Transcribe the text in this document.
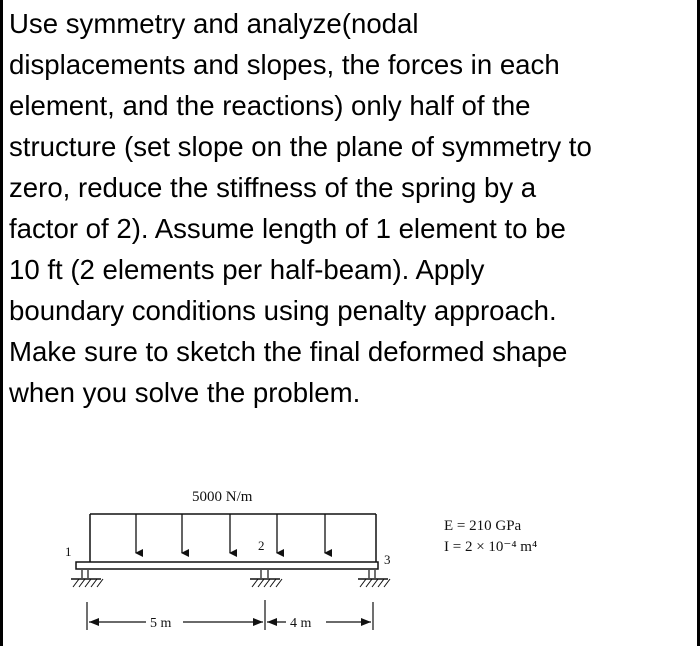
Use symmetry and analyze(nodal
displacements and slopes, the forces in each
element, and the reactions) only half of the
structure (set slope on the plane of symmetry to
zero, reduce the stiffness of the spring by a
factor of 2). Assume length of 1 element to be
10 ft (2 elements per half-beam). Apply
boundary conditions using penalty approach.
Make sure to sketch the final deformed shape
when you solve the problem.
5000 N/m
1	2
3
5 m	4 m
E = 210 GPa
I = 2 × 10⁻⁴ m⁴
